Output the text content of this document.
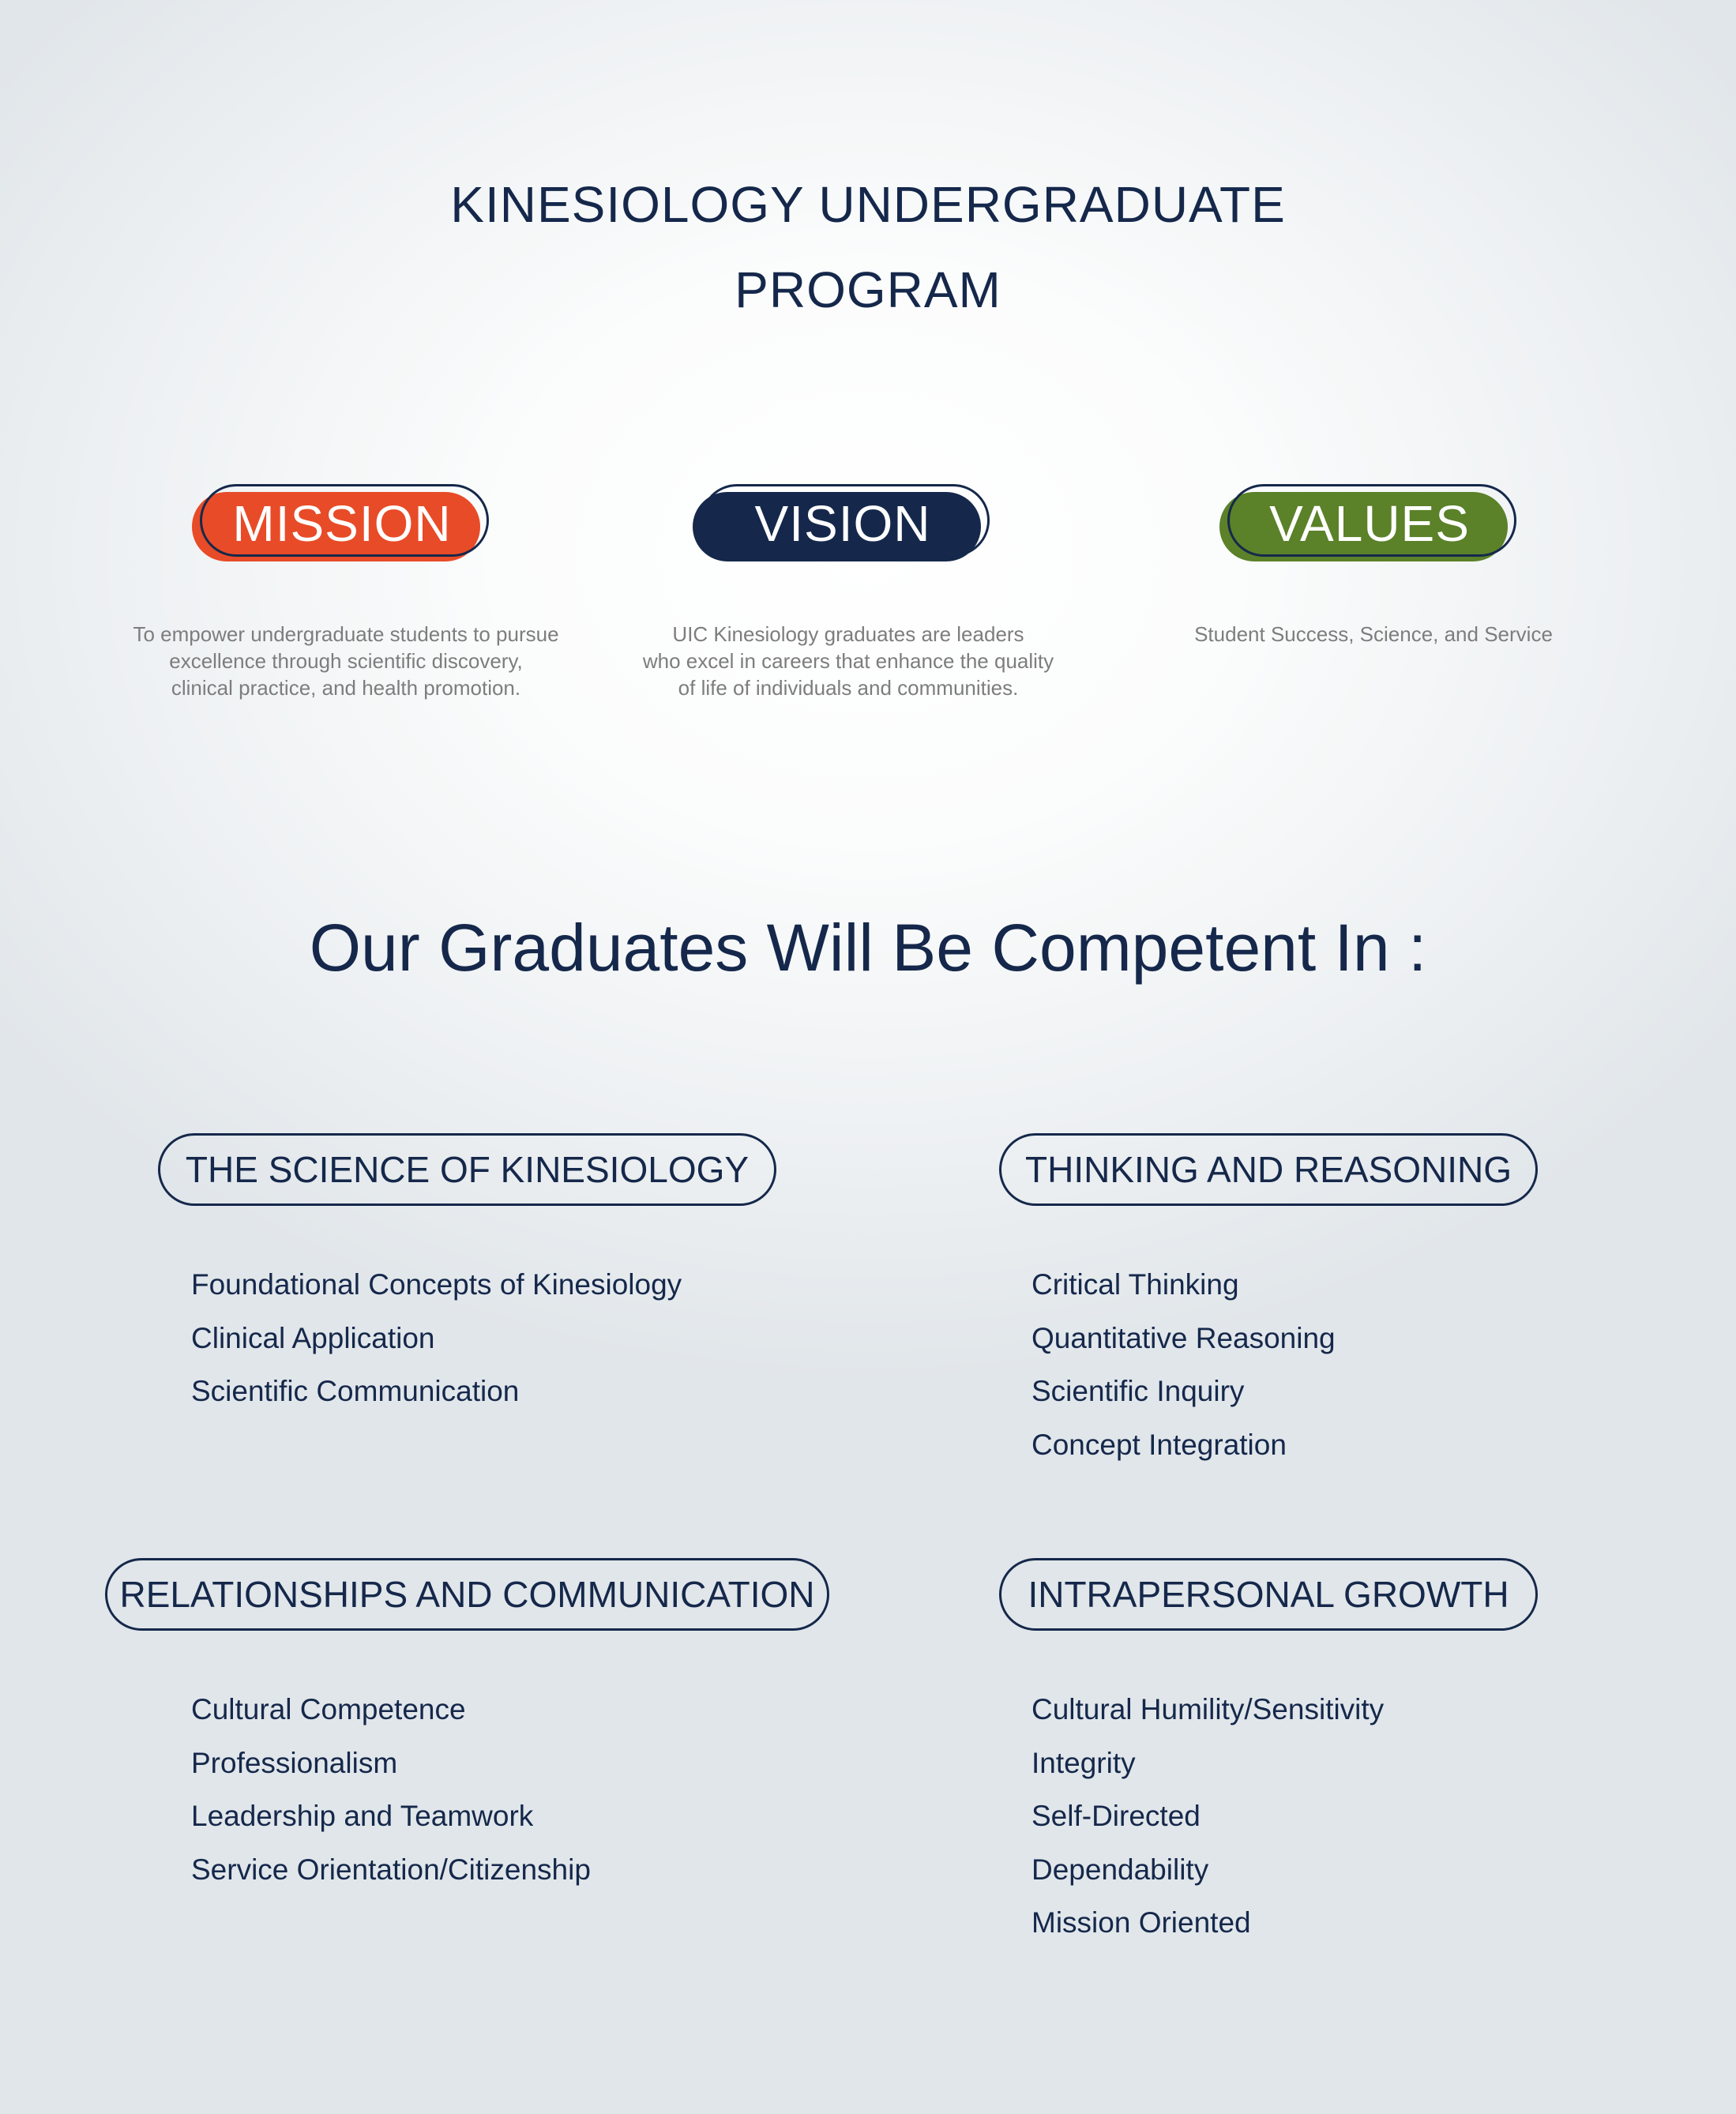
KINESIOLOGY UNDERGRADUATE
PROGRAM
MISSION
To empower undergraduate students to pursue
excellence through scientific discovery,
clinical practice, and health promotion.
VISION
UIC Kinesiology graduates are leaders
who excel in careers that enhance the quality
of life of individuals and communities.
VALUES
Student Success, Science, and Service
Our Graduates Will Be Competent In :
THE SCIENCE OF KINESIOLOGY
Foundational Concepts of Kinesiology
Clinical Application
Scientific Communication
THINKING AND REASONING
Critical Thinking
Quantitative Reasoning
Scientific Inquiry
Concept Integration
RELATIONSHIPS AND COMMUNICATION
Cultural Competence
Professionalism
Leadership and Teamwork
Service Orientation/Citizenship
INTRAPERSONAL GROWTH
Cultural Humility/Sensitivity
Integrity
Self-Directed
Dependability
Mission Oriented
